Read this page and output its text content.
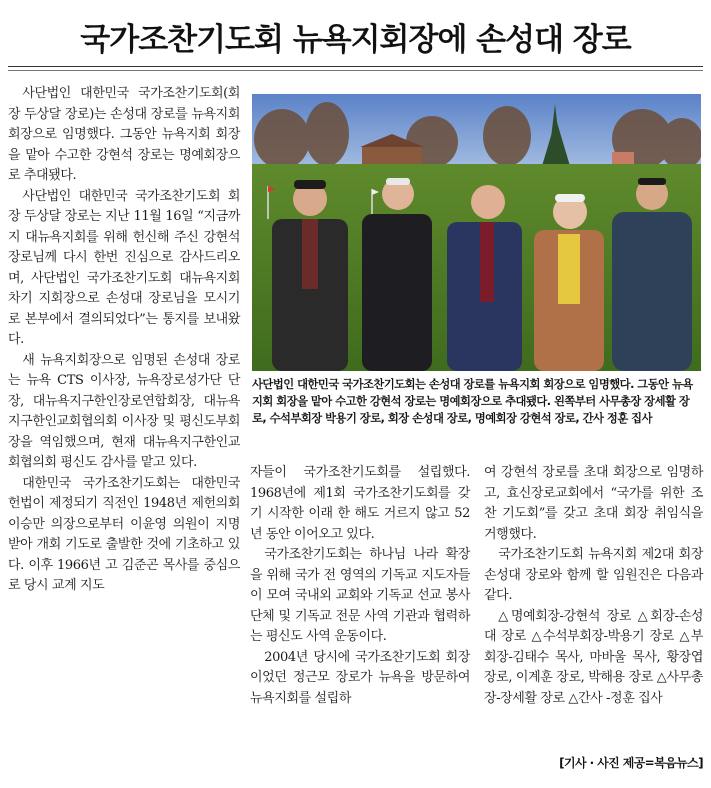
국가조찬기도회 뉴욕지회장에 손성대 장로

사단법인 대한민국 국가조찬기도회(회장 두상달 장로)는 손성대 장로를 뉴욕지회 회장으로 임명했다. 그동안 뉴욕지회 회장을 맡아 수고한 강현석 장로는 명예회장으로 추대됐다.

사단법인 대한민국 국가조찬기도회 회장 두상달 장로는 지난 11월 16일 “지금까지 대뉴욕지회를 위해 헌신해 주신 강현석 장로님께 다시 한번 진심으로 감사드리오며, 사단법인 국가조찬기도회 대뉴욕지회 차기 지회장으로 손성대 장로님을 모시기로 본부에서 결의되었다”는 통지를 보내왔다.

새 뉴욕지회장으로 임명된 손성대 장로는 뉴욕 CTS 이사장, 뉴욕장로성가단 단장, 대뉴욕지구한인장로연합회장, 대뉴욕지구한인교회협의회 이사장 및 평신도부회장을 역임했으며, 현재 대뉴욕지구한인교회협의회 평신도 감사를 맡고 있다.

대한민국 국가조찬기도회는 대한민국 헌법이 제정되기 직전인 1948년 제헌의회 이승만 의장으로부터 이윤영 의원이 지명 받아 개회 기도로 출발한 것에 기초하고 있다. 이후 1966년 고 김준곤 목사를 중심으로 당시 교계 지도

사단법인 대한민국 국가조찬기도회는 손성대 장로를 뉴욕지회 회장으로 임명했다. 그동안 뉴욕지회 회장을 맡아 수고한 강현석 장로는 명예회장으로 추대됐다. 왼쪽부터 사무총장 장세활 장로, 수석부회장 박용기 장로, 회장 손성대 장로, 명예회장 강현석 장로, 간사 정훈 집사

자들이 국가조찬기도회를 설립했다. 1968년에 제1회 국가조찬기도회를 갖기 시작한 이래 한 해도 거르지 않고 52년 동안 이어오고 있다.

국가조찬기도회는 하나님 나라 확장을 위해 국가 전 영역의 기독교 지도자들이 모여 국내외 교회와 기독교 선교 봉사 단체 및 기독교 전문 사역 기관과 협력하는 평신도 사역 운동이다.

2004년 당시에 국가조찬기도회 회장이었던 정근모 장로가 뉴욕을 방문하여 뉴욕지회를 설립하

여 강현석 장로를 초대 회장으로 임명하고, 효신장로교회에서 “국가를 위한 조찬 기도회”를 갖고 초대 회장 취임식을 거행했다.

국가조찬기도회 뉴욕지회 제2대 회장 손성대 장로와 함께 할 임원진은 다음과 같다.

△명예회장-강현석 장로 △회장-손성대 장로 △수석부회장-박용기 장로 △부회장-김태수 목사, 마바울 목사, 황장엽 장로, 이계훈 장로, 박해용 장로 △사무총장-장세활 장로 △간사 -정훈 집사

[기사 · 사진 제공=복음뉴스]
